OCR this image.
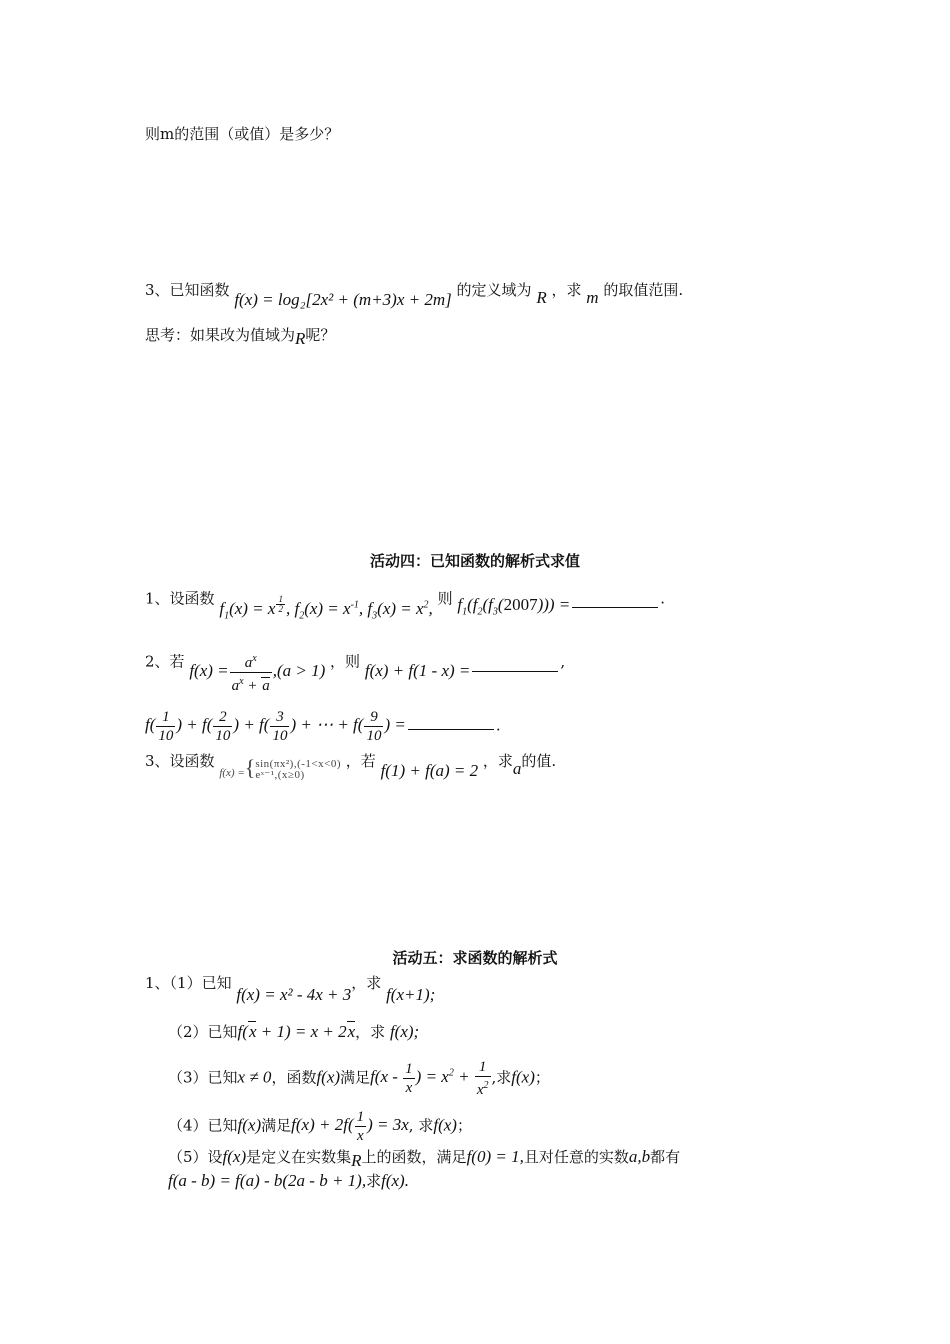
则m的范围（或值）是多少？
3、已知函数 f(x) = log₂[2x² + (m+3)x + 2m] 的定义域为 R ，求 m 的取值范围.
思考：如果改为值域为R呢？
活动四：已知函数的解析式求值
1、设函数 $f_1(x) = x$ $^{\frac{1}{2}}$ , $f_2(x) = x^{-1}$, $f_3(x) = x^2$, 则 $f_1(f_2(f_3(2007)))$ =	.
2、若 $f(x) = \frac{a^x}{a^x + a} ,(a > 1)$ ，则 f(x) + f(1 - x) =	,
$f( \frac{1}{10}$ ) + $f( \frac{2}{10}$ ) + $f( \frac{3}{10}$ ) + ⋯ + $f( \frac{9}{10}$ ) =	.
3、设函数 $_{f(x) =}${ sin(πx²),(-1<x<0)
eˣ⁻¹,(x≥0)
，若 f(1) + f(a) = 2 ，求a的值.
活动五：求函数的解析式
1、（1）已知 f(x) = x² - 4x + 3，求 f(x+1);
（2）已知f(x + 1) = x + 2x，求 f(x);
（3）已知x ≠ 0，函数f(x)满足$f(x - \frac{1}{x}$ ) = $x^2 + \frac{1}{x^2}$ ,求f(x)；
（4）已知f(x)满足$f(x) + 2f( \frac{1}{x}$ ) = 3x, 求f(x)；
（5）设f(x)是定义在实数集R上的函数，满足f(0) = 1,且对任意的实数a,b都有
f(a - b) = f(a) - b(2a - b + 1),求f(x).
